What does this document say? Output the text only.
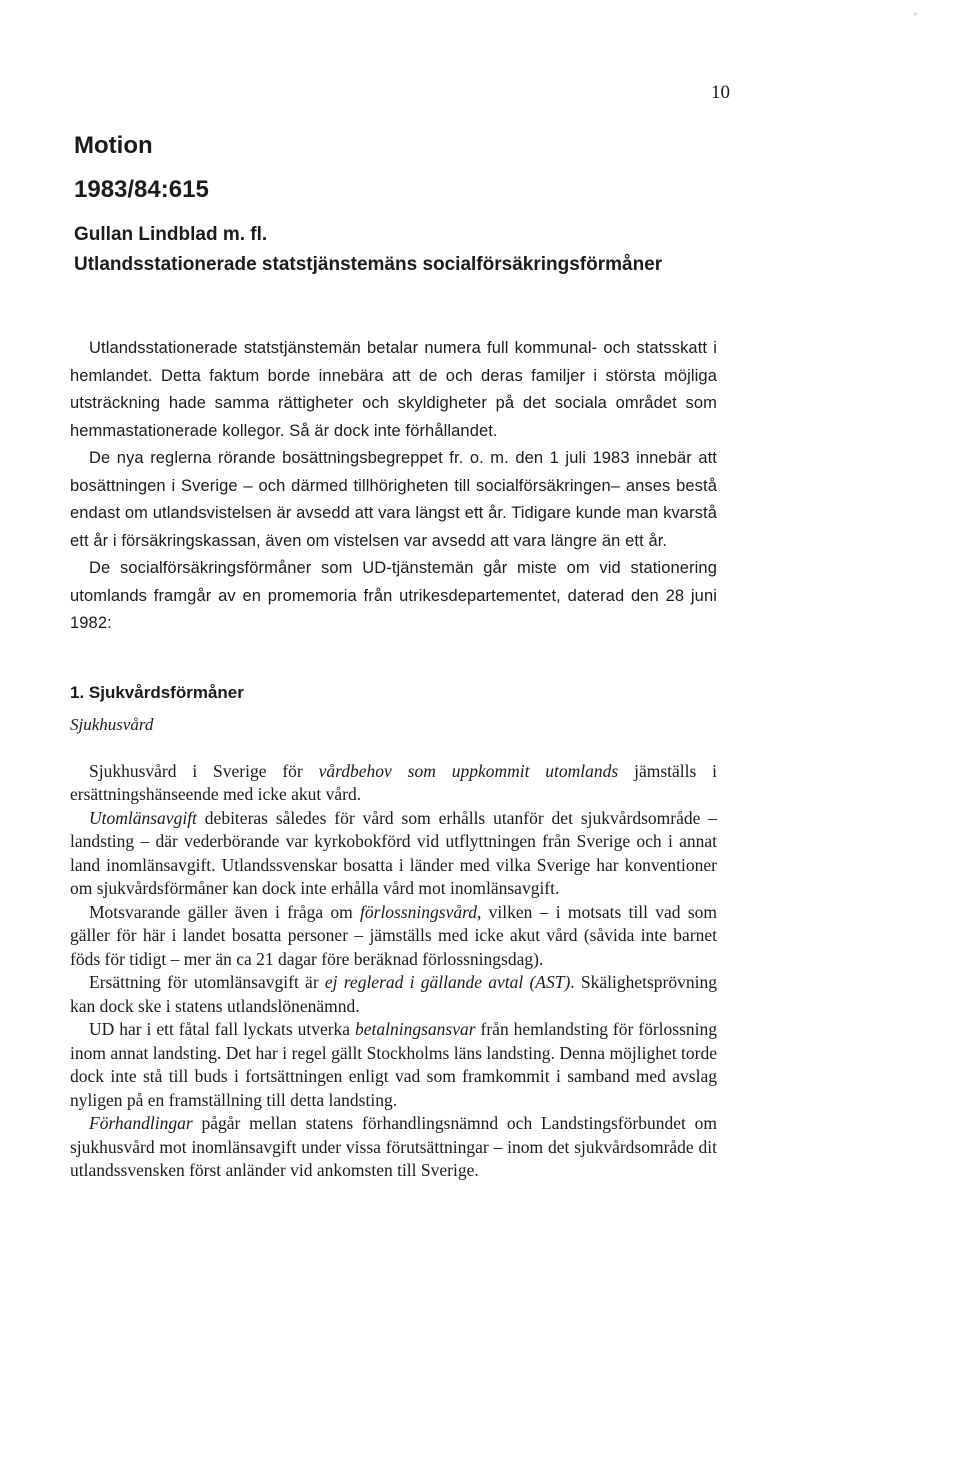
▪
10
Motion
1983/84:615
Gullan Lindblad m. fl.
Utlandsstationerade statstjänstemäns socialförsäkringsförmåner

Utlandsstationerade statstjänstemän betalar numera full kommunal- och statsskatt i hemlandet. Detta faktum borde innebära att de och deras familjer i största möjliga utsträckning hade samma rättigheter och skyldigheter på det sociala området som hemmastationerade kollegor. Så är dock inte förhållandet.

De nya reglerna rörande bosättningsbegreppet fr. o. m. den 1 juli 1983 innebär att bosättningen i Sverige – och därmed tillhörigheten till socialförsäkringen– anses bestå endast om utlandsvistelsen är avsedd att vara längst ett år. Tidigare kunde man kvarstå ett år i försäkringskassan, även om vistelsen var avsedd att vara längre än ett år.

De socialförsäkringsförmåner som UD-tjänstemän går miste om vid stationering utomlands framgår av en promemoria från utrikesdepartementet, daterad den 28 juni 1982:

1. Sjukvårdsförmåner
Sjukhusvård

Sjukhusvård i Sverige för vårdbehov som uppkommit utomlands jämställs i ersättningshänseende med icke akut vård.

Utomlänsavgift debiteras således för vård som erhålls utanför det sjukvårdsområde – landsting – där vederbörande var kyrkobokförd vid utflyttningen från Sverige och i annat land inomlänsavgift. Utlandssvenskar bosatta i länder med vilka Sverige har konventioner om sjukvårdsförmåner kan dock inte erhålla vård mot inomlänsavgift.

Motsvarande gäller även i fråga om förlossningsvård, vilken – i motsats till vad som gäller för här i landet bosatta personer – jämställs med icke akut vård (såvida inte barnet föds för tidigt – mer än ca 21 dagar före beräknad förlossningsdag).

Ersättning för utomlänsavgift är ej reglerad i gällande avtal (AST). Skälighetsprövning kan dock ske i statens utlandslönenämnd.

UD har i ett fåtal fall lyckats utverka betalningsansvar från hemlandsting för förlossning inom annat landsting. Det har i regel gällt Stockholms läns landsting. Denna möjlighet torde dock inte stå till buds i fortsättningen enligt vad som framkommit i samband med avslag nyligen på en framställning till detta landsting.

Förhandlingar pågår mellan statens förhandlingsnämnd och Landstingsförbundet om sjukhusvård mot inomlänsavgift under vissa förutsättningar – inom det sjukvårdsområde dit utlandssvensken först anländer vid ankomsten till Sverige.
